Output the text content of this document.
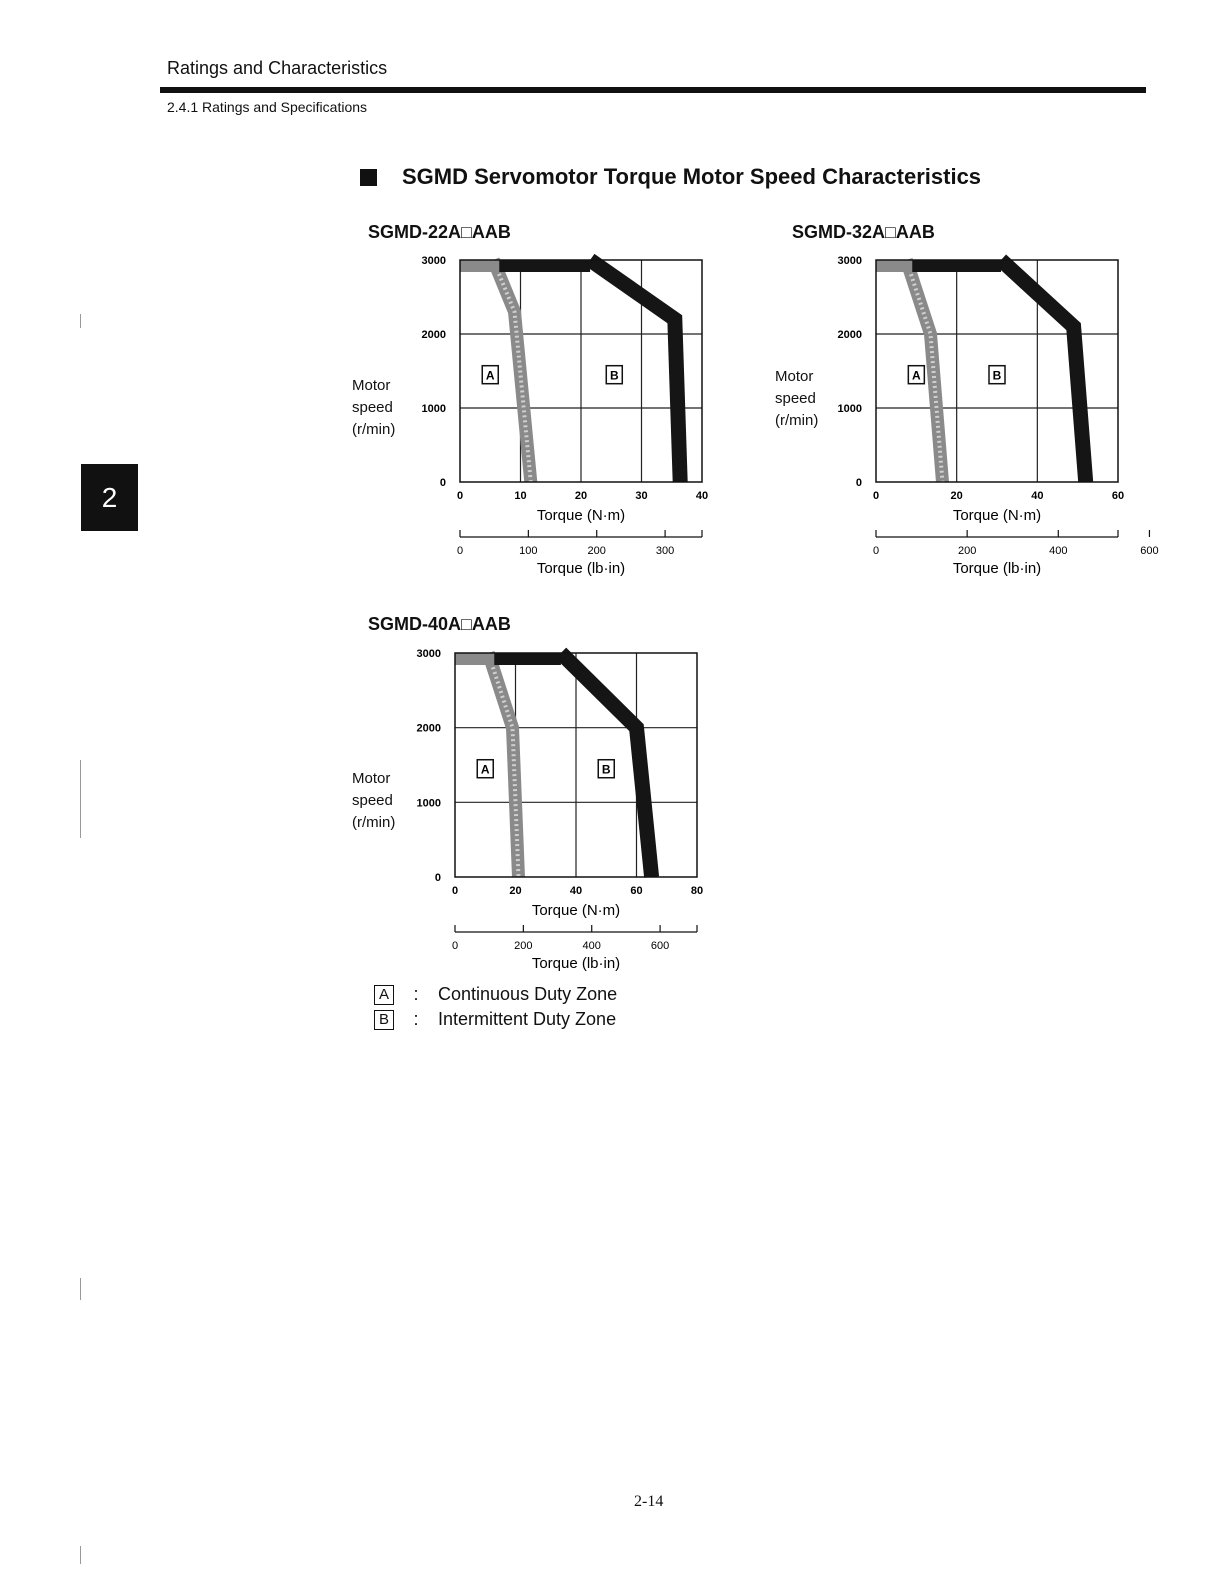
Ratings and Characteristics
2.4.1 Ratings and Specifications
2
SGMD Servomotor Torque Motor Speed Characteristics
SGMD-22A□AAB
Motor
speed
(r/min)
0
1000
2000
3000
0	10	20	30	40
Torque (N·m)
0	100	200	300
Torque (lb·in)
A	B
SGMD-32A□AAB
Motor
speed
(r/min)
0
1000
2000
3000
0	20	40	60
Torque (N·m)
0	200	400	600
Torque (lb·in)
A	B
SGMD-40A□AAB
Motor
speed
(r/min)
0
1000
2000
3000
0	20	40	60	80
Torque (N·m)
0	200	400	600
Torque (lb·in)
A	B
A	:	Continuous Duty Zone
B	:	Intermittent Duty Zone
2-14
